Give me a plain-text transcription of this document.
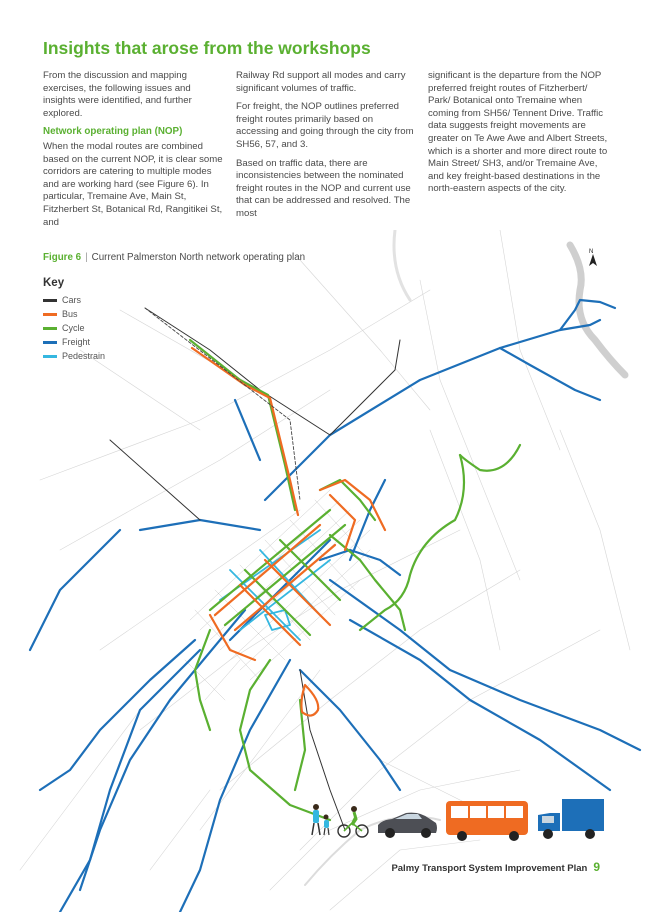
Insights that arose from the workshops

From the discussion and mapping exercises, the following issues and insights were identified, and further explored.

Network operating plan (NOP)

When the modal routes are combined based on the current NOP, it is clear some corridors are catering to multiple modes and are working hard (see Figure 6). In particular, Tremaine Ave, Main St, Fitzherbert St, Botanical Rd, Rangitikei St, and

Railway Rd support all modes and carry significant volumes of traffic.

For freight, the NOP outlines preferred freight routes primarily based on accessing and going through the city from SH56, 57, and 3.

Based on traffic data, there are inconsistencies between the nominated freight routes in the NOP and current use that can be addressed and resolved. The most

significant is the departure from the NOP preferred freight routes of Fitzherbert/ Park/ Botanical onto Tremaine when coming from SH56/ Tennent Drive. Traffic data suggests freight movements are greater on Te Awe Awe and Albert Streets, which is a shorter and more direct route to Main Street/ SH3, and/or Tremaine Ave, and key freight-based destinations in the north-eastern aspects of the city.

Figure 6 | Current Palmerston North network operating plan
Key
Cars
Bus
Cycle
Freight
Pedestrain
N
Palmy Transport System Improvement Plan 9
